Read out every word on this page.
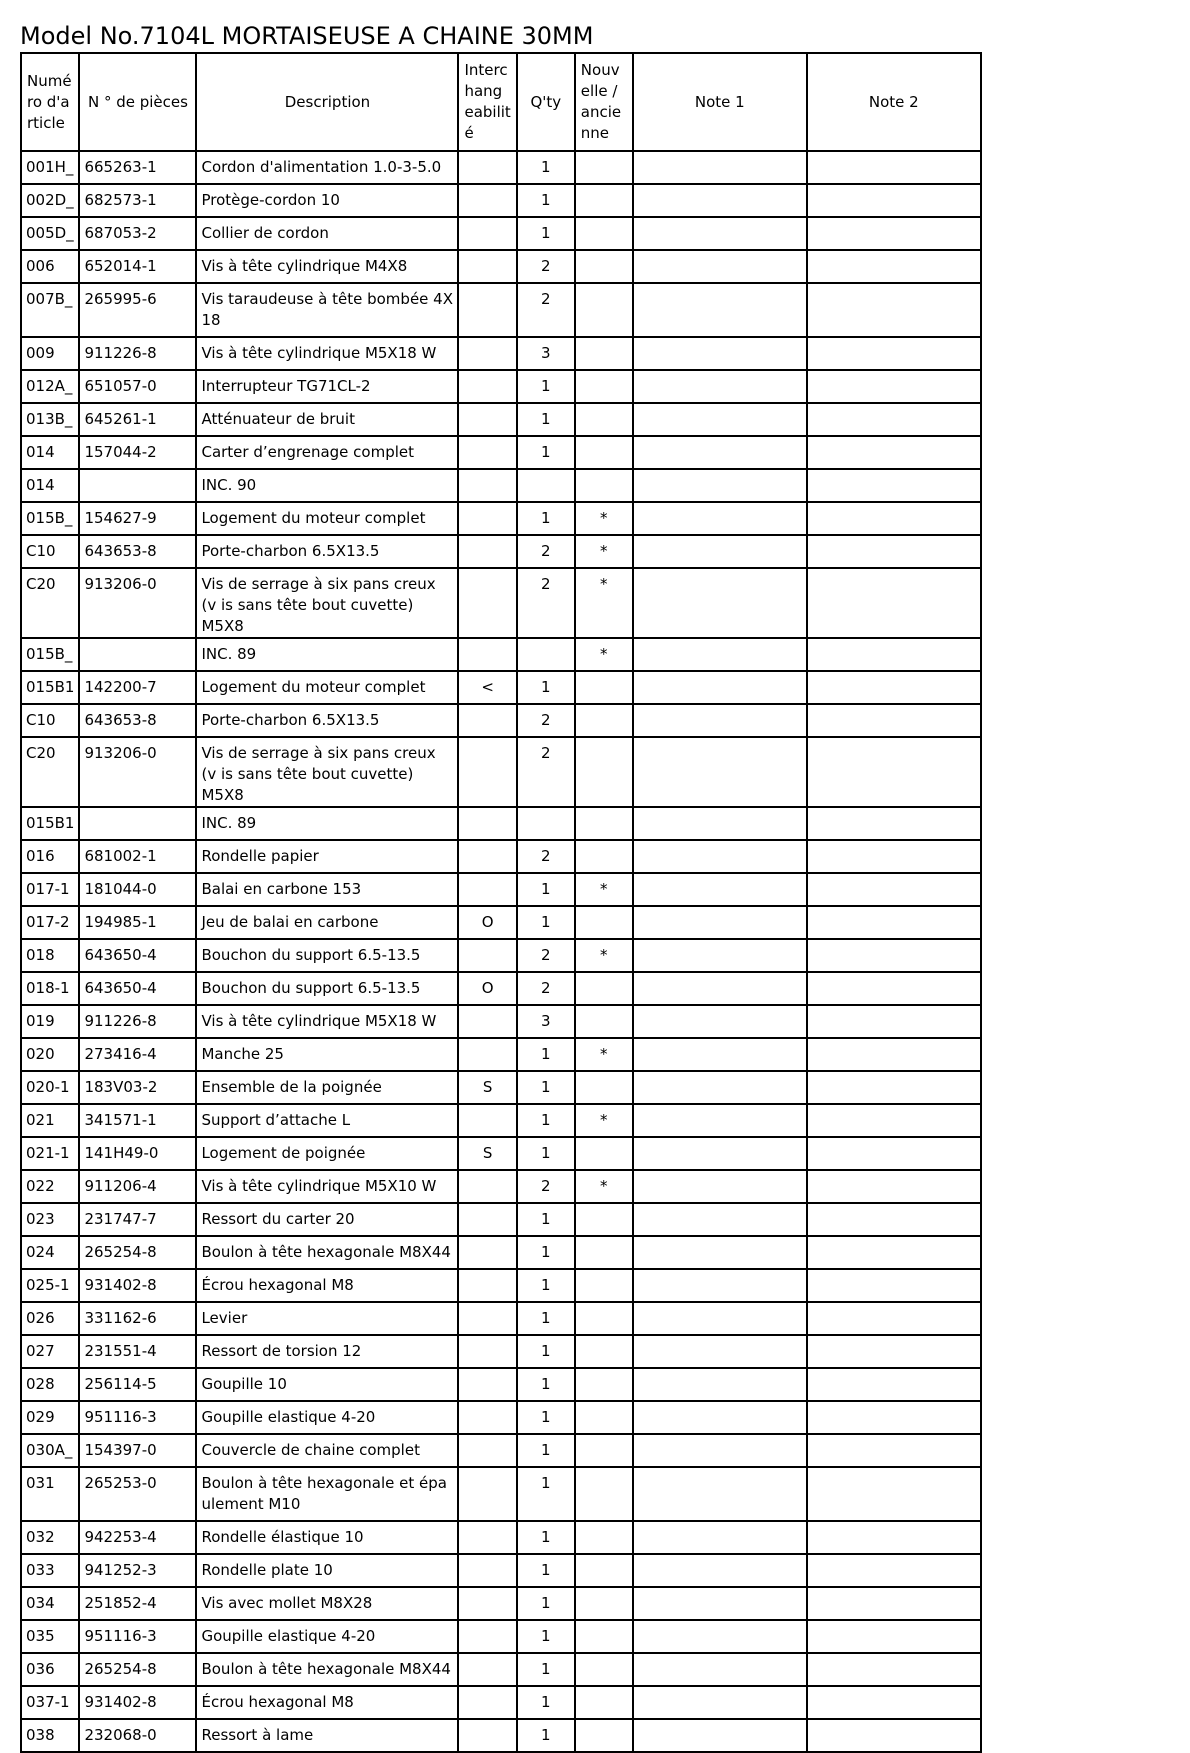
Model No.7104L MORTAISEUSE A CHAINE 30MM
Numé ro d'a rticle	N ° de pièces	Description	Interc hang eabilit é	Q'ty	Nouv elle / ancie nne	Note 1	Note 2
001H_	665263-1	Cordon d'alimentation 1.0-3-5.0		1			
002D_	682573-1	Protège-cordon 10		1			
005D_	687053-2	Collier de cordon		1			
006	652014-1	Vis à tête cylindrique M4X8		2			
007B_	265995-6	Vis taraudeuse à tête bombée 4X 18		2			
009	911226-8	Vis à tête cylindrique M5X18 W		3			
012A_	651057-0	Interrupteur TG71CL-2		1			
013B_	645261-1	Atténuateur de bruit		1			
014	157044-2	Carter d’engrenage complet		1			
014		INC. 90					
015B_	154627-9	Logement du moteur complet		1	*		
C10	643653-8	Porte-charbon 6.5X13.5		2	*		
C20	913206-0	Vis de serrage à six pans creux (v is sans tête bout cuvette) M5X8		2	*		
015B_		INC. 89			*		
015B1	142200-7	Logement du moteur complet	<	1			
C10	643653-8	Porte-charbon 6.5X13.5		2			
C20	913206-0	Vis de serrage à six pans creux (v is sans tête bout cuvette) M5X8		2			
015B1		INC. 89					
016	681002-1	Rondelle papier		2			
017-1	181044-0	Balai en carbone 153		1	*		
017-2	194985-1	Jeu de balai en carbone	O	1			
018	643650-4	Bouchon du support 6.5-13.5		2	*		
018-1	643650-4	Bouchon du support 6.5-13.5	O	2			
019	911226-8	Vis à tête cylindrique M5X18 W		3			
020	273416-4	Manche 25		1	*		
020-1	183V03-2	Ensemble de la poignée	S	1			
021	341571-1	Support d’attache L		1	*		
021-1	141H49-0	Logement de poignée	S	1			
022	911206-4	Vis à tête cylindrique M5X10 W		2	*		
023	231747-7	Ressort du carter 20		1			
024	265254-8	Boulon à tête hexagonale M8X44		1			
025-1	931402-8	Écrou hexagonal M8		1			
026	331162-6	Levier		1			
027	231551-4	Ressort de torsion 12		1			
028	256114-5	Goupille 10		1			
029	951116-3	Goupille elastique 4-20		1			
030A_	154397-0	Couvercle de chaine complet		1			
031	265253-0	Boulon à tête hexagonale et épa ulement M10		1			
032	942253-4	Rondelle élastique 10		1			
033	941252-3	Rondelle plate 10		1			
034	251852-4	Vis avec mollet M8X28		1			
035	951116-3	Goupille elastique 4-20		1			
036	265254-8	Boulon à tête hexagonale M8X44		1			
037-1	931402-8	Écrou hexagonal M8		1			
038	232068-0	Ressort à lame		1			
